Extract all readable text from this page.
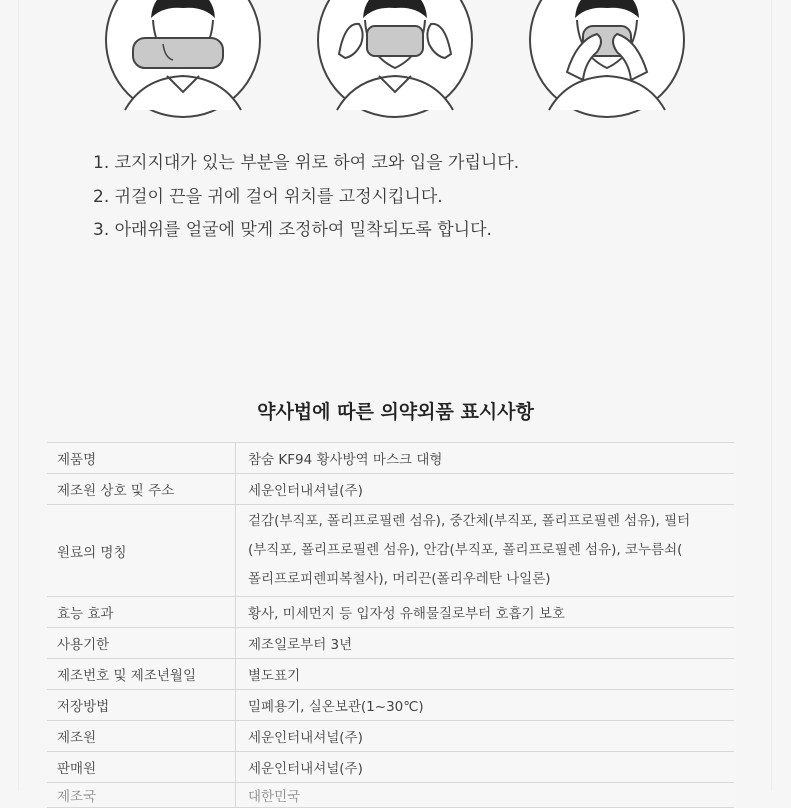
1. 코지지대가 있는 부분을 위로 하여 코와 입을 가립니다.
2. 귀걸이 끈을 귀에 걸어 위치를 고정시킵니다.
3. 아래위를 얼굴에 맞게 조정하여 밀착되도록 합니다.
약사법에 따른 의약외품 표시사항
제품명	참숨 KF94 황사방역 마스크 대형
제조원 상호 및 주소	세운인터내셔널(주)
원료의 명칭	겉감(부직포, 폴리프로필렌 섬유), 중간체(부직포, 폴리프로필렌 섬유), 필터
(부직포, 폴리프로필렌 섬유), 안감(부직포, 폴리프로필렌 섬유), 코누름쇠(
폴리프로피렌피복철사), 머리끈(폴리우레탄 나일론)

효능 효과	황사, 미세먼지 등 입자성 유해물질로부터 호흡기 보호
사용기한	제조일로부터 3년
제조번호 및 제조년월일	별도표기
저장방법	밀폐용기, 실온보관(1~30℃)
제조원	세운인터내셔널(주)
판매원	세운인터내셔널(주)
제조국	대한민국
